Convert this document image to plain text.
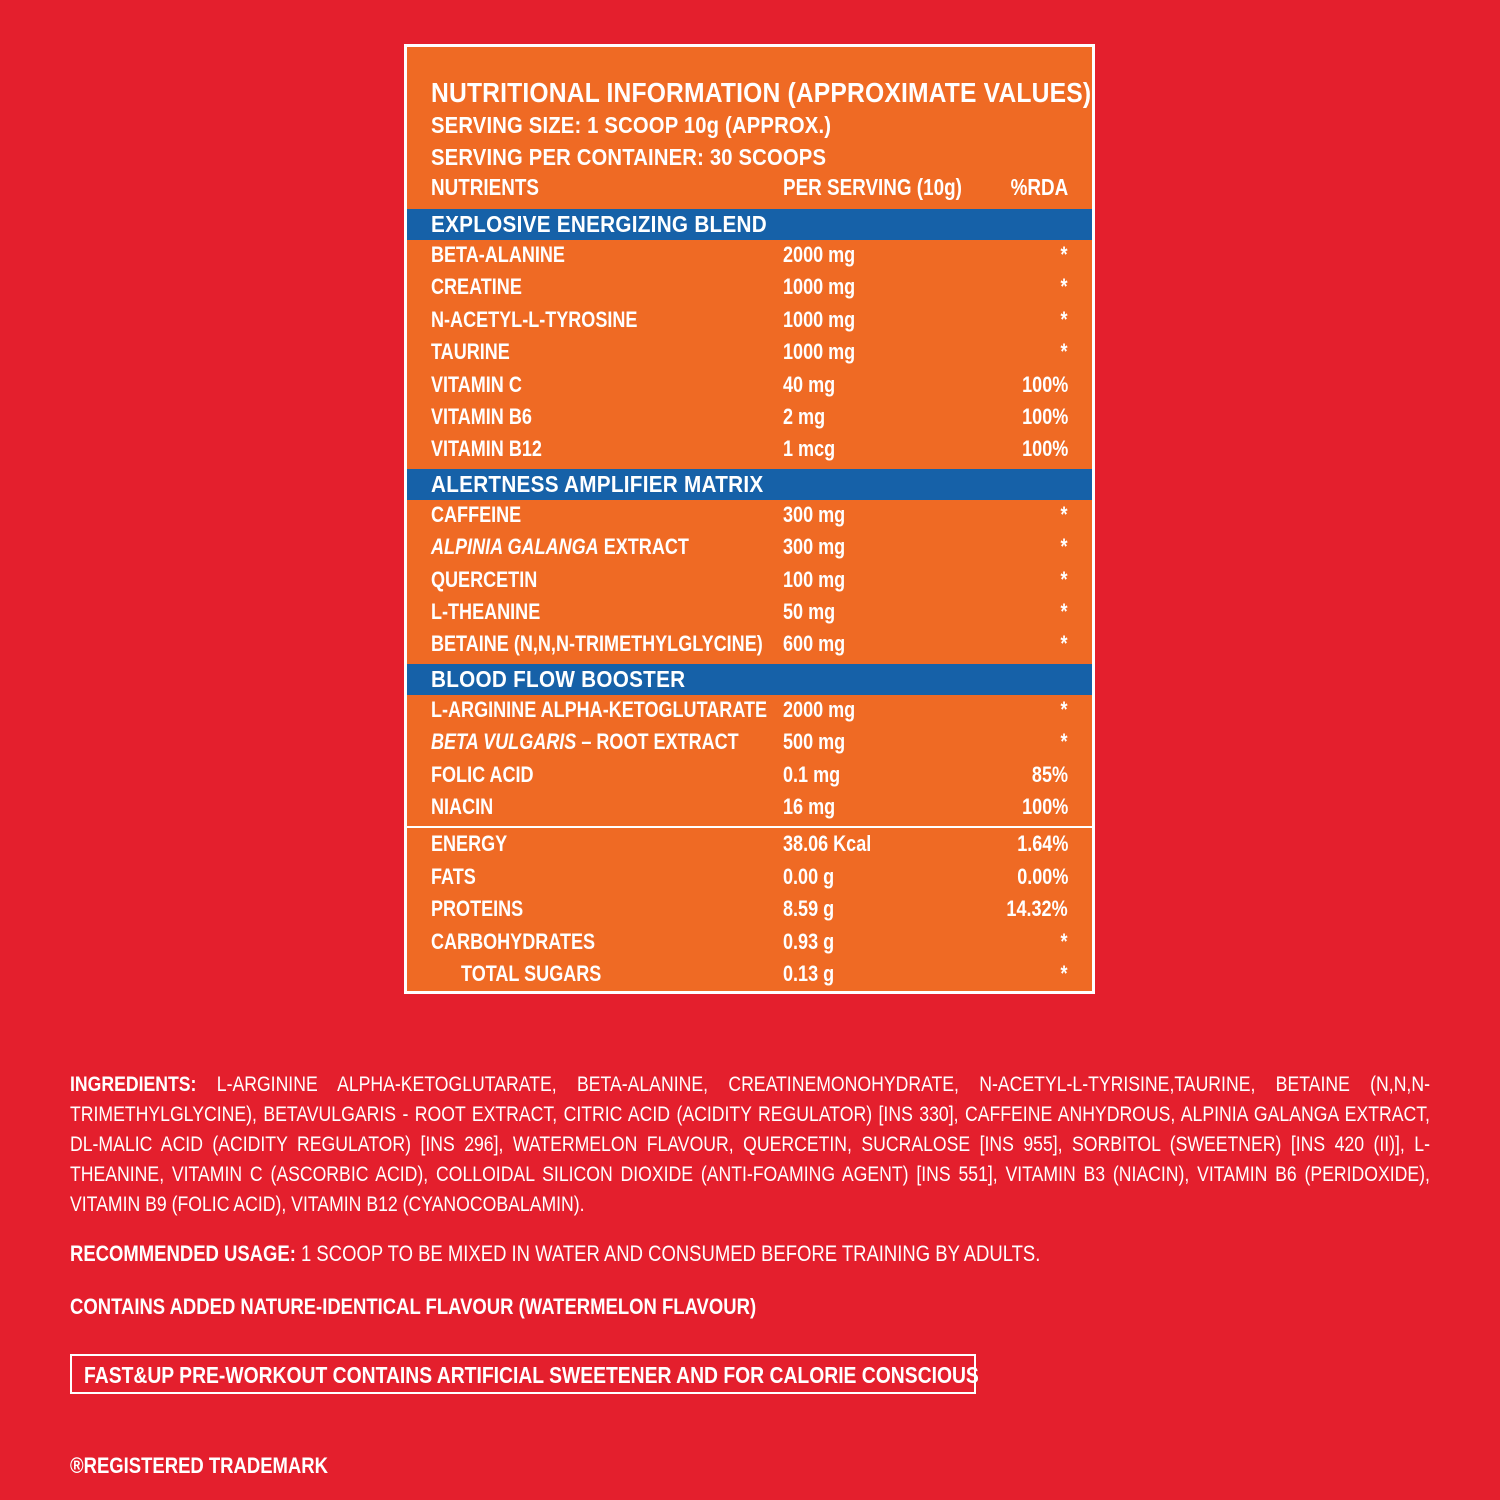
NUTRITIONAL INFORMATION (APPROXIMATE VALUES)
SERVING SIZE: 1 SCOOP 10g (APPROX.)
SERVING PER CONTAINER: 30 SCOOPS
NUTRIENTS	PER SERVING (10g) %RDA
EXPLOSIVE ENERGIZING BLEND
BETA-ALANINE	2000 mg	*
CREATINE	1000 mg	*
N-ACETYL-L-TYROSINE	1000 mg	*
TAURINE	1000 mg	*
VITAMIN C	40 mg	100%
VITAMIN B6	2 mg	100%
VITAMIN B12	1 mcg	100%
ALERTNESS AMPLIFIER MATRIX
CAFFEINE	300 mg	*
ALPINIA GALANGA EXTRACT	300 mg	*
QUERCETIN	100 mg	*
L-THEANINE	50 mg	*
BETAINE (N,N,N-TRIMETHYLGLYCINE) 600 mg	*
BLOOD FLOW BOOSTER
L-ARGININE ALPHA-KETOGLUTARATE 2000 mg	*
BETA VULGARIS – ROOT EXTRACT 500 mg	*
FOLIC ACID	0.1 mg	85%
NIACIN	16 mg	100%
ENERGY	38.06 Kcal	1.64%
FATS	0.00 g	0.00%
PROTEINS	8.59 g	14.32%
CARBOHYDRATES	0.93 g	*
TOTAL SUGARS	0.13 g	*
INGREDIENTS: L-ARGININE ALPHA-KETOGLUTARATE, BETA-ALANINE, CREATINEMONOHYDRATE, N-ACETYL-L-TYRISINE,TAURINE, BETAINE (N,N,N- TRIMETHYLGLYCINE), BETAVULGARIS - ROOT EXTRACT, CITRIC ACID (ACIDITY REGULATOR) [INS 330], CAFFEINE ANHYDROUS, ALPINIA GALANGA EXTRACT, DL-MALIC ACID (ACIDITY REGULATOR) [INS 296], WATERMELON FLAVOUR, QUERCETIN, SUCRALOSE [INS 955], SORBITOL (SWEETNER) [INS 420 (II)], L-THEANINE, VITAMIN C (ASCORBIC ACID), COLLOIDAL SILICON DIOXIDE (ANTI-FOAMING AGENT) [INS 551], VITAMIN B3 (NIACIN), VITAMIN B6 (PERIDOXIDE), VITAMIN B9 (FOLIC ACID), VITAMIN B12 (CYANOCOBALAMIN).
RECOMMENDED USAGE: 1 SCOOP TO BE MIXED IN WATER AND CONSUMED BEFORE TRAINING BY ADULTS.
CONTAINS ADDED NATURE-IDENTICAL FLAVOUR (WATERMELON FLAVOUR)
FAST&UP PRE-WORKOUT CONTAINS ARTIFICIAL SWEETENER AND FOR CALORIE CONSCIOUS
®REGISTERED TRADEMARK
